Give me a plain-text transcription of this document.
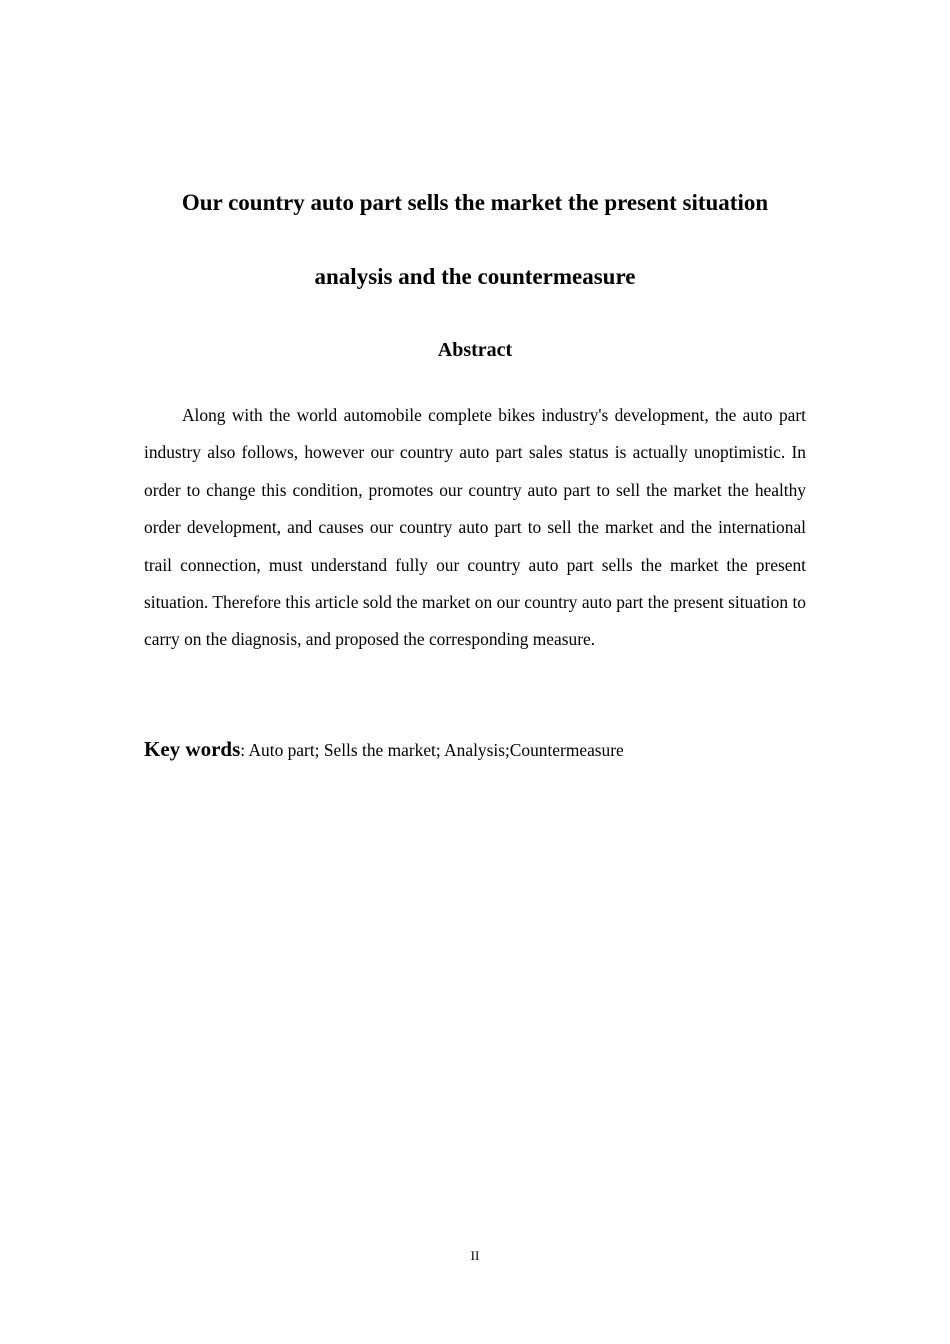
Our country auto part sells the market the present situation
analysis and the countermeasure
Abstract

Along with the world automobile complete bikes industry's development, the auto part industry also follows, however our country auto part sales status is actually unoptimistic. In order to change this condition, promotes our country auto part to sell the market the healthy order development, and causes our country auto part to sell the market and the international trail connection, must understand fully our country auto part sells the market the present situation. Therefore this article sold the market on our country auto part the present situation to carry on the diagnosis, and proposed the corresponding measure.

Key words: Auto part; Sells the market; Analysis;Countermeasure

II
